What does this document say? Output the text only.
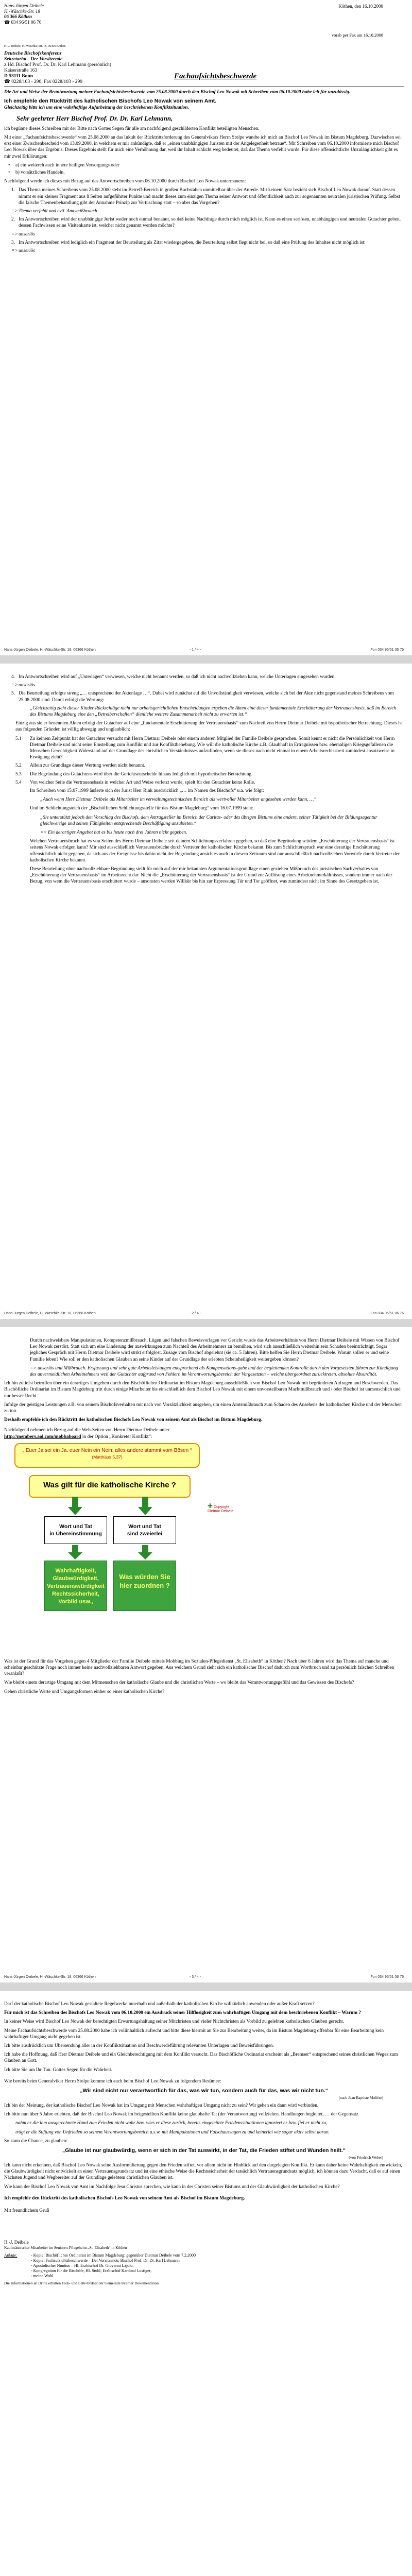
Hans-Jürgen Deibele
H.-Wäschke-Str. 18
06 366 Köthen
☎ 034 96/51 06 76
Köthen, den 16.10.2000
vorab per Fax am 16.10.2000
H.-J. Deibele, H.-Wäschke-Str. 18, 06366 Köthen
Deutsche Bischofskonferenz
Sekretariat - Der Vorsitzende
z.Hd. Bischof Prof. Dr. Dr. Karl Lehmann (persönlich)
Kaiserstraße 163
D 53111 Bonn
☎ 0228/103 - 290; Fax 0228/103 - 299
Fachaufsichtsbeschwerde

Die Art und Weise der Beantwortung meiner Fachaufsichtsbeschwerde vom 25.08.2000 durch den Bischof Leo Nowak mit Schreiben vom 06.10.2000 habe ich für unzulässig.

Ich empfehle den Rücktritt des katholischen Bischofs Leo Nowak von seinem Amt.

Gleichzeitig bitte ich um eine wahrhaftige Aufarbeitung der beschriebenen Konfliktsituation.

Sehr geehrter Herr Bischof Prof. Dr. Dr. Karl Lehmann,

ich begünne dieses Schreiben mit der Bitte nach Gottes Segen für alle am nachfolgend geschilderten Konflikt beteiligten Menschen.

Mit einer „Fachaufsichtsbeschwerde“ vom 25.08.2000 an das Inkult der Rücktrittsforderung des Generalvikars Herrn Stolpe wandte ich mich an Bischof Leo Nowak im Bistum Magdeburg. Dazwischen sei erst einer Zwischenbescheid vom 13.09.2000, in welchem er mir ankündigte, daß er „einen unabhängigen Juristen mit der Angelegenheit betraue“. Mit Schreiben vom 06.10.2000 informierte mich Bischof Leo Nowak über das Ergebnis. Dieses Ergebnis stellt für mich eine Verhöhnung dar, weil ihr Inhalt schlicht weg bedeutet, daß das Thema verfehlt wurde. Für diese offensichtliche Unzulänglichkeit gibt es mir zwei Erklärungen:

• a) ein weiterch auch innere heiligen Versorgungs oder
• b) vorsätzliches Handeln.

Nachfolgend werde ich dieses mit Bezug auf das Antwortschreiben vom 06.10.2000 durch Bischof Leo Nowak untermauern:

1. Das Thema meines Schreibens vom 25.08.2000 steht im Betreff-Bereich in großen Buchstaben unmittelbar über der Anrede. Mit keinem Satz bezieht sich Bischof Leo Nowak darauf. Statt dessen nimmt er ein kleines Fragment aus 8 Seiten aufgeführter Punkte und macht dieses zum einzigen Thema seiner Antwort und öffentlichkeit auch zur sogenannten neutralen juristischen Prüfung. Selbst die falsche Themenbehandlung gibt der Annahme Prinzip zur Vertuschung statt – so aber das Vorgehen?
=> Thema verfehlt und evtl. Amtsmißbrauch
2. Im Antwortschreiben wird der unabhängige Jurist weder noch einmal benannt, so daß keine Nachfrage durch mich möglich ist. Kann es einen seriösen, unabhängigen und neutralen Gutachter geben, dessen Fachwissen seine Visitenkarte ist, welcher nicht genannt werden möchte?
=> unseriös
3. Im Antwortschreiben wird lediglich ein Fragment der Beurteilung als Zitat wiedergegeben, die Beurteilung selbst fiegt nicht bei, so daß eine Prüfung des Inhaltes nicht möglich ist:
=> unseriös
Hans-Jürgen Deibele, H.-Wäschke-Str. 18, 06366 Köthen	- 1 / 4 -	Fon 034 96/51 06 76
4. Im Antwortschreiben wird auf „Unterlagen“ verwiesen, welche nicht benannt werden, so daß ich nicht nachvollziehen kann, welche Unterlagen eingesehen wurden.
=> unseriös
5. Die Beurteilung erfolgte streng „… entsprechend der Aktenlage …“. Dabei wird zunächst auf die Unvollständigkeit verwiesen, welche sich bei der Akte nicht gegenstand meines Schreibens vom 25.08.2000 sind. Damit erfolgt die Wertung:

„Gleichzeitig zieht dieser Kinder Rückschläge nicht nur arbeitsgerichtlichen Entscheidungen ergeben die Akten eine dieser fundamentale Erschütterung der Vertrauensbasis, daß im Bereich des Bistums Magdeburg eine den „Betreiberschaften“ dienliche weitere Zusammenarbeit nicht zu erwarten ist.“

Einzig aus sieler benennten Akten erfolgt der Gutachter auf eine „fundamentale Erschütterung der Vertrauensbasis“ zum Nachteil von Herrn Dietmar Deibele mit hypothetischer Betrachtung. Dieses ist aus folgenden Gründen ist völlig abwegig und unglaublich:

5.1 Zu keinem Zeitpunkt hat der Gutachter versucht mit Herrn Dietmar Deibele oder einem anderen Mitglied der Familie Deibele gesprochen. Somit kennt er nicht die Persönlichkeit von Herrn Dietmar Deibele und nicht seine Einstellung zum Konflikt und zur Konfliktbehebung. Wie will die katholische Kirche z.B. Glaubhaft in Ertragnissen bzw. ehemaligen Kriegsgefallenen die Menschen Gerechtigkeit Widerstand auf der Grundlage des christlichen Verständnisses aufzufinden, wenn sie dieses nach nicht einmal in einem Arbeitsrechtsstreit zumindest ansatzweise in Erwägung zieht?
5.2 Allein zur Grundlage dieser Wertung werden nicht benannt.
5.3 Die Begründung des Gutachtens wird über die Gerichtsentscheide hinaus lediglich mit hypothetischer Betrachtung.
5.4 Von welcher Seite die Vertrauensbasis in welcher Art und Weise verletzt wurde, spielt für den Gutachter keine Rolle.

Im Schreiben vom 15.07.1999 äußerte sich der Jurist Herr Rink ausdrücklich „… im Namen des Bischofs“ u.a. wie folgt:

„Auch wenn Herr Dietmar Deibele als Mitarbeiter im verwaltungstechnischen Bereich als wertvoller Mitarbeiter angesehen werden kann, …“

Und im Schlichtungsteich der „Bischöflichen Schlichtungsstelle für das Bistum Magdeburg“ vom 16.07.1999 steht:

„Sie unterstützt jedoch den Vorschlag des Bischofs, dem Antragsteller im Bereich der Caritas- oder des übrigen Bistums eine andere, seiner Tätigkeit bei der Bildungsagentur gleichwertige und seinen Fähigkeiten entsprechende Beschäftigung anzubieten.“

=> Ein derartiges Angebot hat es bis heute nach drei Jahren nicht gegeben.

Welchen Vertrauensbruch hat es von Seiten des Herrn Dietmar Deibele seit deinem Schlichtungsverfahren gegeben, so daß eine Begründung seitdem „Erschütterung der Vertrauensbasis“ ist seitens Nowak erfolgen kann? Mir sind ausschließlich Vertrauensbrüche durch Vertreter der katholischen Kirche bekannt. Bis zum Schlichterspruch war eine derartige Erschütterung offensichtlich nicht gegeben, da sich aus der Ereignisse bis dahin nicht der Begründung ansichtes auch in diesem Zeitraum sind nur ausschließlich nachvollziehen Vorwürfe durch Vertreter der katholischen Kirche bekannt.

Diese Beurteilung ohne nachvollziehbare Begründung stellt für mich auf der mir bekannten Argumentationsgrundlage einen gezielten Mißbrauch des juristischen Sachverhaltes von „Erschütterung der Vertrauensbasis“ im Arbeitsrecht dar. Nicht die „Erschütterung der Vertrauensbasis“ ist der Grund zur Auflösung eines Arbeitnehmerkältnisses, sondern immer nach der Bezug, von wem die Vertrauensbasis erschüttert wurde – ansonsten werden Willkür bis hin zur Erpressung Tür und Tor geöffnet, was zumindest nicht im Sinne des Gesetzgebers ist.

Hans-Jürgen Deibele, H.-Wäschke-Str. 18, 06366 Köthen	- 2 / 4 -	Fon 034 96/51 06 76

Durch nachweisbare Manipulationen, Kompetenzmißbrauch, Lügen und falschen Beweisvorlagen vor Gericht wurde das Arbeitsverhältnis von Herrn Dietmar Deibele mit Wissen von Bischof Leo Nowak zerstört. Statt sich um eine Linderung der auswirkungen zum Nachteil des Arbeitnehmers zu bemühen, wird sich ausschließlich weiterhin sein Schaden beeinträchtigt. Sogar jegliches Gespräch mit Herrn Dietmar Deibele wird strikt erfolglost. Zusage vom Bischof abgelehnt (sie ca. 5 Jahren). Bitte helfen Sie Herrn Dietmar Deibele. Warum sollen er und seine Familie leben? Wie soll er den katholischen Glauben an seine Kinder auf der Grundlage der erlebten Scheinheiligkeit weitergeben können?

=> unseriös und Mißbrauch. Ersfassung und sehr gute Arbeitsleistungen entsprechend als Kompensations-gabe und der begleitenden Kontrolle durch den Vorgesetzten führen zur Kündigung des unvermeidlichen Arbeitnehmers weil der Gutachter aufgrund von Fehlern im Verantwortungsbereich der Vorgesetzten – welche übergeordnet zurücktreten. absolute Absurdität.

Ich bin zutiefst betroffen über ein derartiges Umgehen durch den Bischöflichen Ordinariat im Bistum Magdeburg ausschließlich von Bischof Leo Nowak mit begründeten Aufragen und Beschwerden. Das Bischöfliche Ordinariat im Bistum Magdeburg tritt durch einige Mitarbeiter bis einschließlich dem Bischof Leo Nowak mit einem unvorstellbaren Machtmißbrauch und / oder Bischof ist unmenschlich und nur besser Recht.

Infolge der geistigen Leistungen z.B. von seinem Bischofsverhalten mit nach von Vorsätzlichkeit ausgehen, um einen Amtsmißbrauch zum Schaden des Ansehens der katholischen Kirche und der Menschen zu tun.

Deshalb empfehle ich den Rücktritt des katholischen Bischofs Leo Nowak von seinem Amt als Bischof im Bistum Magdeburg.

Nachfolgend nehmen ich Bezug auf die Web-Seiten von Herrn Dietmar Deibele unter
http://members.aol.com/mobbaboard in der Option „Konkreter Konflikt“:

„ Euer Ja sei ein Ja, euer Nein ein Nein; alles andere stammt vom Bösen “
(Matthäus 5,37)
Was gilt für die katholische Kirche ?
✚ Copyright Dietmar Deibele
Wort und Tat
in Übereinstimmung
Wort und Tat
sind zweierlei
Wahrhaftigkeit, Glaubwürdigkeit, Vertrauenswürdigkeit Rechtssicherheit, Vorbild usw.,
Was würden Sie hier zuordnen ?

Was ist der Grund für das Vorgehen gegen 4 Mitglieder der Familie Deibele mittels Mobbing im Sozialen-Pflegedienst „St. Elisabeth“ in Köthen? Nach über 6 Jahren wird das Thema auf manche und scheinbar geschützte Frage noch immer keine nachvollziehbaren Antwort gegeben. Aus welchem Grund sieht sich ein katholischer Bischof dadurch zum Wortbruch und zu persönlich falschen Schreiben veranlaßt?

Wie bleibt einem derartige Umgang mit dem Mitmenschen der katholische Glaube und die christlichen Werte – wo bleibt das Verantwortungsgefühl und das Gewissen des Bischofs?

Gehen christliche Werte und Umgangsformen einher so einer katholischen Kirche?

Hans-Jürgen Deibele, H.-Wäschke-Str. 18, 06366 Köthen	- 3 / 4 -	Fon 034 96/51 06 76

Darf der katholische Bischof Leo Nowak gestaltete Regelwerke innerhalb und außerhalb der katholischen Kirche willkürlich anwenden oder außer Kraft setzen?

Für mich ist das Schreiben des Bischofs Leo Nowak vom 06.10.2000 ein Ausdruck seiner Hilflosigkeit zum wahrhaftigen Umgang mit dem beschriebenen Konflikt – Warum ?

In keiner Weise wird Bischof Leo Nowak der berechtigten Erwartungshaltung seiner Mitchristen und vieler Nichtchristen als Vorbild zu gelebten katholischen Glauben gerecht.

Meine Fachaufsichtsbeschwerde vom 25.08.2000 habe ich vollinhaltlich aufrecht und bitte diese hiermit an Sie zur Bearbeitung weiter, da im Bistum Magdeburg offenbar für eine Bearbeitung kein wahrhaftiger Umgang nicht gegeben ist.

Ich bitte ausdrücklich um Übersendung aller in der Konfliktsituation und Beschwerdeführung relevanten Unterlagen und Beweisführungen.

Ich habe die Hoffnung, daß Herr Dietmar Deibele und ein Gleichberechtigung mit dem Konflikt versucht. Das Bischöfliche Ordinariat erscheint als „Bremser“ entsprechend seines christlichen Weges zum Glauben an Gott.

Ich bitte Sie um Ihr Tun. Gottes Segen für die Wahrheit.

Wie bereits beim Generalvikar Herrn Stolpe komme ich auch beim Bischof Leo Nowak zu folgendem Resümee:

„Wir sind nicht nur verantwortlich für das, was wir tun, sondern auch für das, was wir nicht tun.“

(nach Jean Baptiste Molière)

Ich bin der Meinung, der katholische Bischof Leo Nowak hat im Umgang mit Menschen wahrhaftigen Umgang nicht zu sein? Wir gehen ein dann wird verbinden.

Ich bitte nun über 5 Jahre erlebten, daß der Bischof Leo Nowak im beigestellten Konflikt keine glaubhafte Tat (der Verantwortung) vollziehen. Handlungen begleitet, … der Gegensatz

nahm er die ihm ausgerechnete Hand zum Frieden nicht wahr bzw. wies er diese zurück, bereits eingeleitete Friedenssituationen ignoriert er bzw. fiel er nicht zu,

trägt er die Stiftung von Unfrieden so seinem Verantwortungsbereich u.s.w. mit Manipulationen und Falschaussagen zu und keinerlei wie sogar aktiv selbst daran.

So kann die Chance, zu glauben:

„Glaube ist nur glaubwürdig, wenn er sich in der Tat auswirkt, in der Tat, die Frieden stiftet und Wunden heilt.“

(von Friedrich Weber)

Ich kann nicht erkennen, daß Bischof Leo Nowak seine Ausformulierung gegen den Frieden stiftet, vor allem nicht im Hinblick auf den dargelegten Konflikt. Er kann daher keine Wahrhaftigkeit entwickeln, die Glaubwürdigkeit nicht entwickelt an einen Vertrauensgrundsatz und ist eine ethische Weise die Rechtssicherheit der tatsächlich Vertrauensgrundsatz möglich, ich können dazu Verdacht, daß er auf einen Nächsten Jugend und Wegbereiter auf der Grundlage gelebtem christlichen Glauben ist.

Wie kann der Bischof Leo Nowak von Amt im Nachfolge Jesu Christus sprechen, wie kann in der Christen seiner Bistums und der Glaubwürdigkeit der katholischen Kirche?

Ich empfehle den Rücktritt des katholischen Bischofs Leo Nowak von seinem Amt als Bischof im Bistum Magdeburg.

Mit freundlichem Gruß

H.-J. Deibele
Kaufmännischer Mitarbeiter im Senioren-Pflegeheim „St. Elisabeth“ in Köthen
Anlage:	- Kopie: Bischöfliches Ordinariat im Bistum Magdeburg: gegenüber Dietmar Deibele vom 7.2.2000
- Kopie: Fachaufsichtsbeschwerde – Der Vorsitzende, Bischof Prof. Dr. Dr. Karl Lehmann
- Apostolischer Nuntius – Hl. Erzbischof Dr. Giovanni Lajolo,
- Kongregation für die Bischöfe, Hl. Stuhl, Erzbischof Kardinal Lustiger,
- meine Wohl
Die Informationen an Dritte erhalten Fach- und Lehr-Ordner der Gemeinde Interner Dokumentation.
